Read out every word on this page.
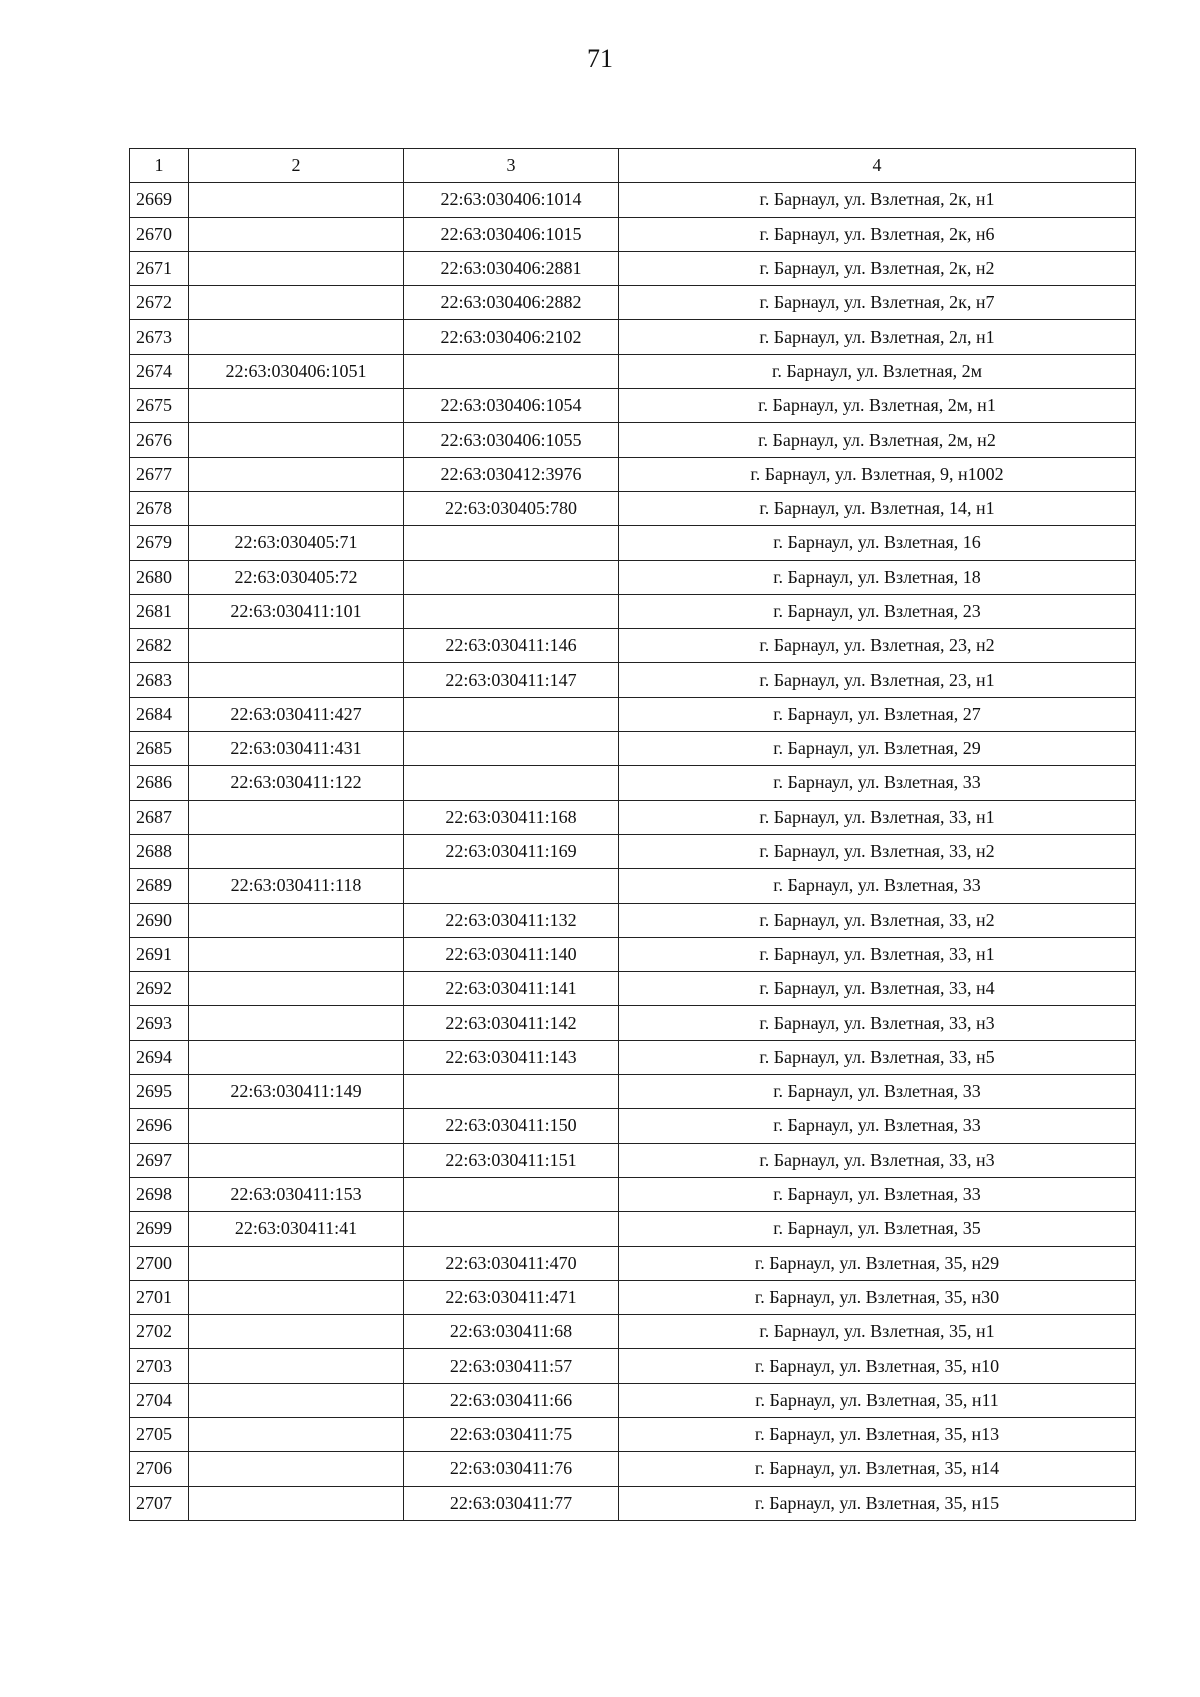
71
1	2	3	4
2669		22:63:030406:1014	г. Барнаул, ул. Взлетная, 2к, н1
2670		22:63:030406:1015	г. Барнаул, ул. Взлетная, 2к, н6
2671		22:63:030406:2881	г. Барнаул, ул. Взлетная, 2к, н2
2672		22:63:030406:2882	г. Барнаул, ул. Взлетная, 2к, н7
2673		22:63:030406:2102	г. Барнаул, ул. Взлетная, 2л, н1
2674	22:63:030406:1051		г. Барнаул, ул. Взлетная, 2м
2675		22:63:030406:1054	г. Барнаул, ул. Взлетная, 2м, н1
2676		22:63:030406:1055	г. Барнаул, ул. Взлетная, 2м, н2
2677		22:63:030412:3976	г. Барнаул, ул. Взлетная, 9, н1002
2678		22:63:030405:780	г. Барнаул, ул. Взлетная, 14, н1
2679	22:63:030405:71		г. Барнаул, ул. Взлетная, 16
2680	22:63:030405:72		г. Барнаул, ул. Взлетная, 18
2681	22:63:030411:101		г. Барнаул, ул. Взлетная, 23
2682		22:63:030411:146	г. Барнаул, ул. Взлетная, 23, н2
2683		22:63:030411:147	г. Барнаул, ул. Взлетная, 23, н1
2684	22:63:030411:427		г. Барнаул, ул. Взлетная, 27
2685	22:63:030411:431		г. Барнаул, ул. Взлетная, 29
2686	22:63:030411:122		г. Барнаул, ул. Взлетная, 33
2687		22:63:030411:168	г. Барнаул, ул. Взлетная, 33, н1
2688		22:63:030411:169	г. Барнаул, ул. Взлетная, 33, н2
2689	22:63:030411:118		г. Барнаул, ул. Взлетная, 33
2690		22:63:030411:132	г. Барнаул, ул. Взлетная, 33, н2
2691		22:63:030411:140	г. Барнаул, ул. Взлетная, 33, н1
2692		22:63:030411:141	г. Барнаул, ул. Взлетная, 33, н4
2693		22:63:030411:142	г. Барнаул, ул. Взлетная, 33, н3
2694		22:63:030411:143	г. Барнаул, ул. Взлетная, 33, н5
2695	22:63:030411:149		г. Барнаул, ул. Взлетная, 33
2696		22:63:030411:150	г. Барнаул, ул. Взлетная, 33
2697		22:63:030411:151	г. Барнаул, ул. Взлетная, 33, н3
2698	22:63:030411:153		г. Барнаул, ул. Взлетная, 33
2699	22:63:030411:41		г. Барнаул, ул. Взлетная, 35
2700		22:63:030411:470	г. Барнаул, ул. Взлетная, 35, н29
2701		22:63:030411:471	г. Барнаул, ул. Взлетная, 35, н30
2702		22:63:030411:68	г. Барнаул, ул. Взлетная, 35, н1
2703		22:63:030411:57	г. Барнаул, ул. Взлетная, 35, н10
2704		22:63:030411:66	г. Барнаул, ул. Взлетная, 35, н11
2705		22:63:030411:75	г. Барнаул, ул. Взлетная, 35, н13
2706		22:63:030411:76	г. Барнаул, ул. Взлетная, 35, н14
2707		22:63:030411:77	г. Барнаул, ул. Взлетная, 35, н15
